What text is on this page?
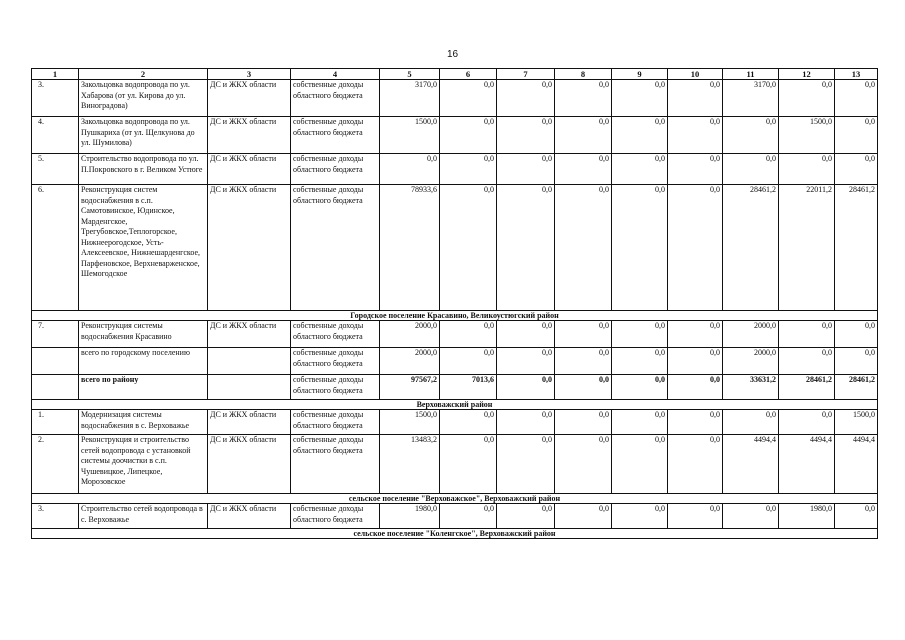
16
1	2	3	4	5	6	7	8	9	10	11	12	13
3.	Закольцовка водопровода по ул. Хабарова (от ул. Кирова до ул. Виноградова)	ДС и ЖКХ области	собственные доходы областного бюджета	3170,0	0,0	0,0	0,0	0,0	0,0	3170,0	0,0	0,0
4.	Закольцовка водопровода по ул. Пушкариха (от ул. Щелкунова до ул. Шумилова)	ДС и ЖКХ области	собственные доходы областного бюджета	1500,0	0,0	0,0	0,0	0,0	0,0	0,0	1500,0	0,0
5.	Строительство водопровода по ул. П.Покровского в г. Великом Устюге	ДС и ЖКХ области	собственные доходы областного бюджета	0,0	0,0	0,0	0,0	0,0	0,0	0,0	0,0	0,0
6.	Реконструкция систем водоснабжения в с.п. Самотовинское, Юдинское, Марденгское, Трегубовское,Теплогорское, Нижнеерогодское, Усть-Алексеевское, Нижнешарденгское, Парфеновское, Верхневарженское, Шемогодское	ДС и ЖКХ области	собственные доходы областного бюджета	78933,6	0,0	0,0	0,0	0,0	0,0	28461,2	22011,2	28461,2
Городское поселение Красавино, Великоустюгский район												
7.	Реконструкция системы водоснабжения Красавино	ДС и ЖКХ области	собственные доходы областного бюджета	2000,0	0,0	0,0	0,0	0,0	0,0	2000,0	0,0	0,0
	всего по городскому поселению		собственные доходы областного бюджета	2000,0	0,0	0,0	0,0	0,0	0,0	2000,0	0,0	0,0
	всего по району		собственные доходы областного бюджета	97567,2	7013,6	0,0	0,0	0,0	0,0	33631,2	28461,2	28461,2
Верховажский район												
1.	Модернизация системы водоснабжения в с. Верховажье	ДС и ЖКХ области	собственные доходы областного бюджета	1500,0	0,0	0,0	0,0	0,0	0,0	0,0	0,0	1500,0
2.	Реконструкция и строительство сетей водопровода с установкой системы доочистки в с.п. Чушевицкое, Липецкое, Морозовское	ДС и ЖКХ области	собственные доходы областного бюджета	13483,2	0,0	0,0	0,0	0,0	0,0	4494,4	4494,4	4494,4
сельское поселение "Верховажское", Верховажский район												
3.	Строительство сетей водопровода в с. Верховажье	ДС и ЖКХ области	собственные доходы областного бюджета	1980,0	0,0	0,0	0,0	0,0	0,0	0,0	1980,0	0,0
сельское поселение "Коленгское", Верховажский район												
